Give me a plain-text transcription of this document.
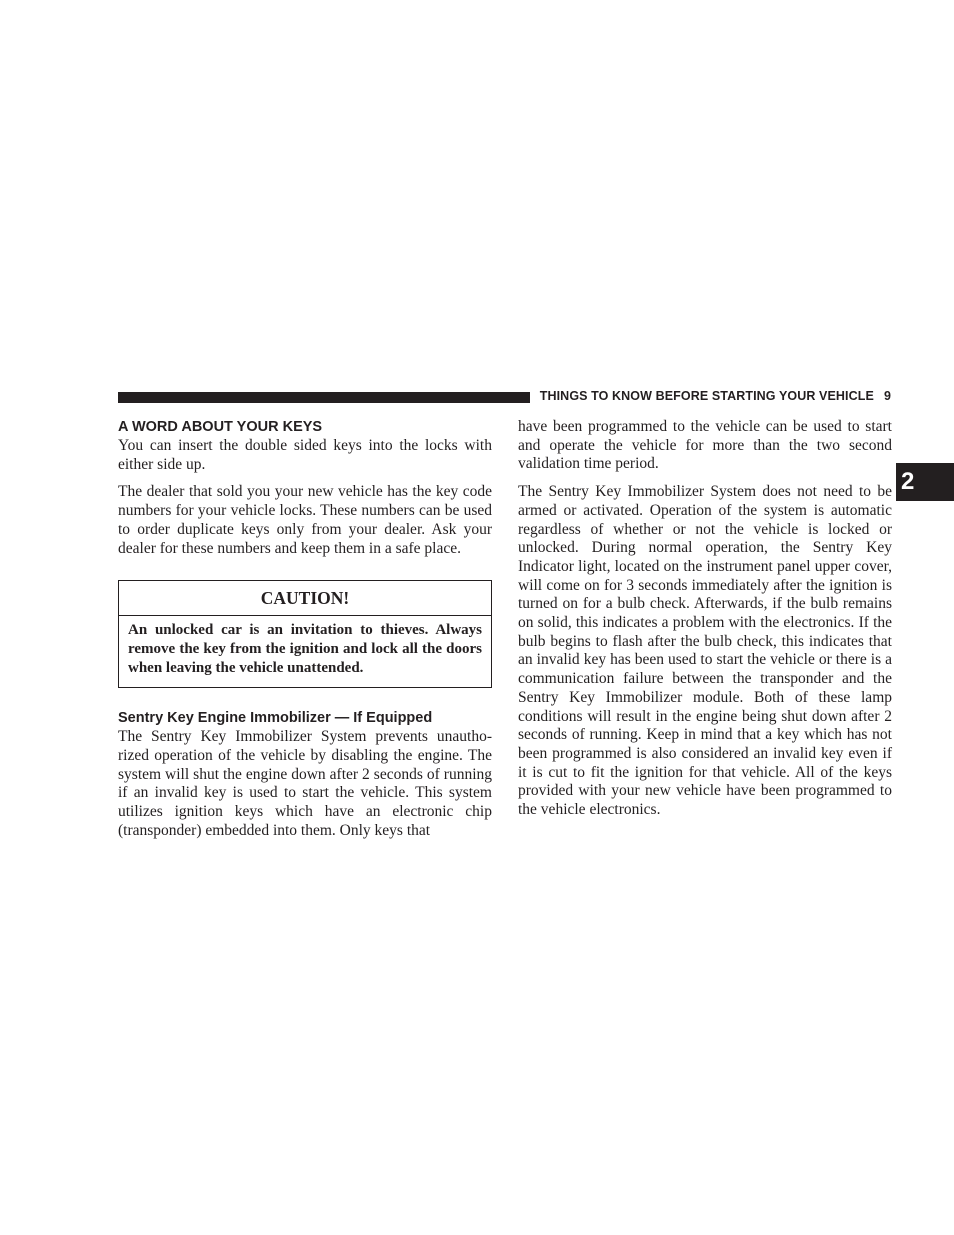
THINGS TO KNOW BEFORE STARTING YOUR VEHICLE 9
2
A WORD ABOUT YOUR KEYS

You can insert the double sided keys into the locks with either side up.

The dealer that sold you your new vehicle has the key code numbers for your vehicle locks. These numbers can be used to order duplicate keys only from your dealer. Ask your dealer for these numbers and keep them in a safe place.

CAUTION!
An unlocked car is an invitation to thieves. Always remove the key from the ignition and lock all the doors when leaving the vehicle unattended.
Sentry Key Engine Immobilizer — If Equipped

The Sentry Key Immobilizer System prevents unautho-rized operation of the vehicle by disabling the engine. The system will shut the engine down after 2 seconds of running if an invalid key is used to start the vehicle. This system utilizes ignition keys which have an electronic chip (transponder) embedded into them. Only keys that

have been programmed to the vehicle can be used to start and operate the vehicle for more than the two second validation time period.

The Sentry Key Immobilizer System does not need to be armed or activated. Operation of the system is automatic regardless of whether or not the vehicle is locked or unlocked. During normal operation, the Sentry Key Indicator light, located on the instrument panel upper cover, will come on for 3 seconds immediately after the ignition is turned on for a bulb check. Afterwards, if the bulb remains on solid, this indicates a problem with the electronics. If the bulb begins to flash after the bulb check, this indicates that an invalid key has been used to start the vehicle or there is a communication failure between the transponder and the Sentry Key Immobilizer module. Both of these lamp conditions will result in the engine being shut down after 2 seconds of running. Keep in mind that a key which has not been programmed is also considered an invalid key even if it is cut to fit the ignition for that vehicle. All of the keys provided with your new vehicle have been programmed to the vehicle electronics.
